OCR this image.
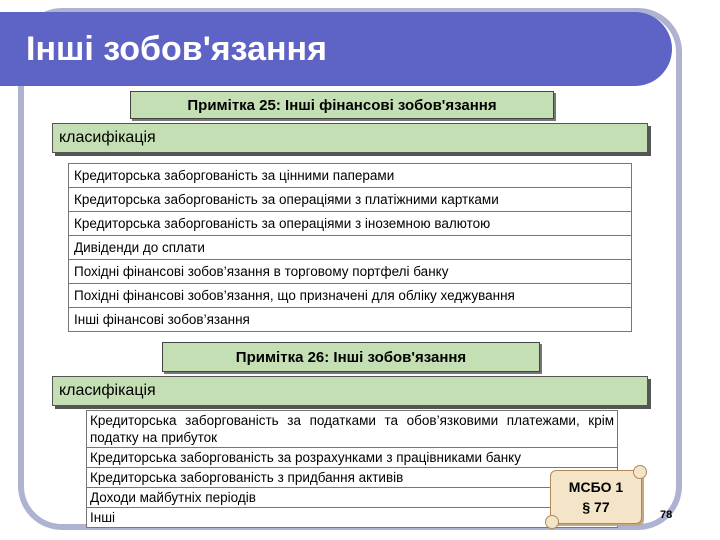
Інші зобов'язання
Примітка 25: Інші фінансові зобов'язання
класифікація
Кредиторська заборгованість за цінними паперами
Кредиторська заборгованість за операціями з платіжними картками
Кредиторська заборгованість за операціями з іноземною валютою
Дивіденди до сплати
Похідні фінансові зобов’язання в торговому портфелі банку
Похідні фінансові зобов’язання, що призначені для обліку хеджування
Інші фінансові зобов’язання
Примітка 26: Інші зобов'язання
класифікація
Кредиторська заборгованість за податками та обов’язковими платежами, крім податку на прибуток
Кредиторська заборгованість за розрахунками з працівниками банку
Кредиторська заборгованість з придбання активів
Доходи майбутніх періодів
Інші
МСБО 1
§ 77	78
